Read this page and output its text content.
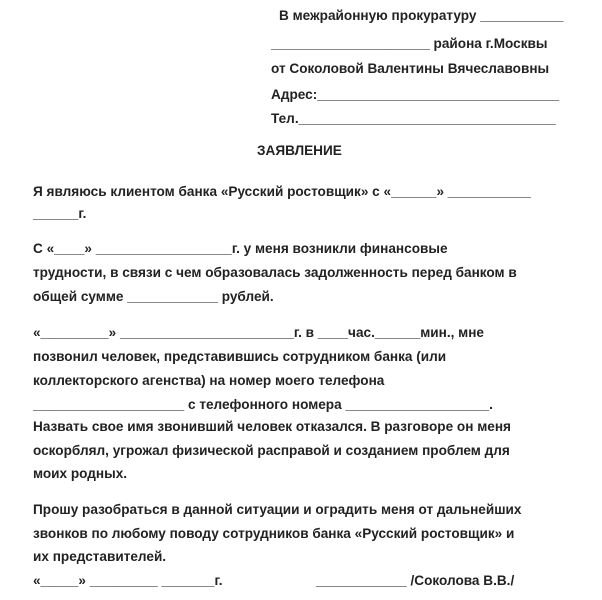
В межрайонную прокуратуру ___________
_____________________ района г.Москвы
от Соколовой Валентины Вячеславовны
Адрес:________________________________
Тел.__________________________________
ЗАЯВЛЕНИЕ
Я являюсь клиентом банка «Русский ростовщик» с «______» ___________
______г.
С «____» __________________г. у меня возникли финансовые
трудности, в связи с чем образовалась задолженность перед банком в
общей сумме ____________ рублей.
«_________» _______________________г. в ____час.______мин., мне
позвонил человек, представившись сотрудником банка (или
коллекторского агенства) на номер моего телефона
____________________ с телефонного номера ___________________.
Назвать свое имя звонивший человек отказался. В разговоре он меня
оскорблял, угрожал физической расправой и созданием проблем для
моих родных.
Прошу разобраться в данной ситуации и оградить меня от дальнейших
звонков по любому поводу сотрудников банка «Русский ростовщик» и
их представителей.
«_____» _________ _______г.	____________ /Соколова В.В./
